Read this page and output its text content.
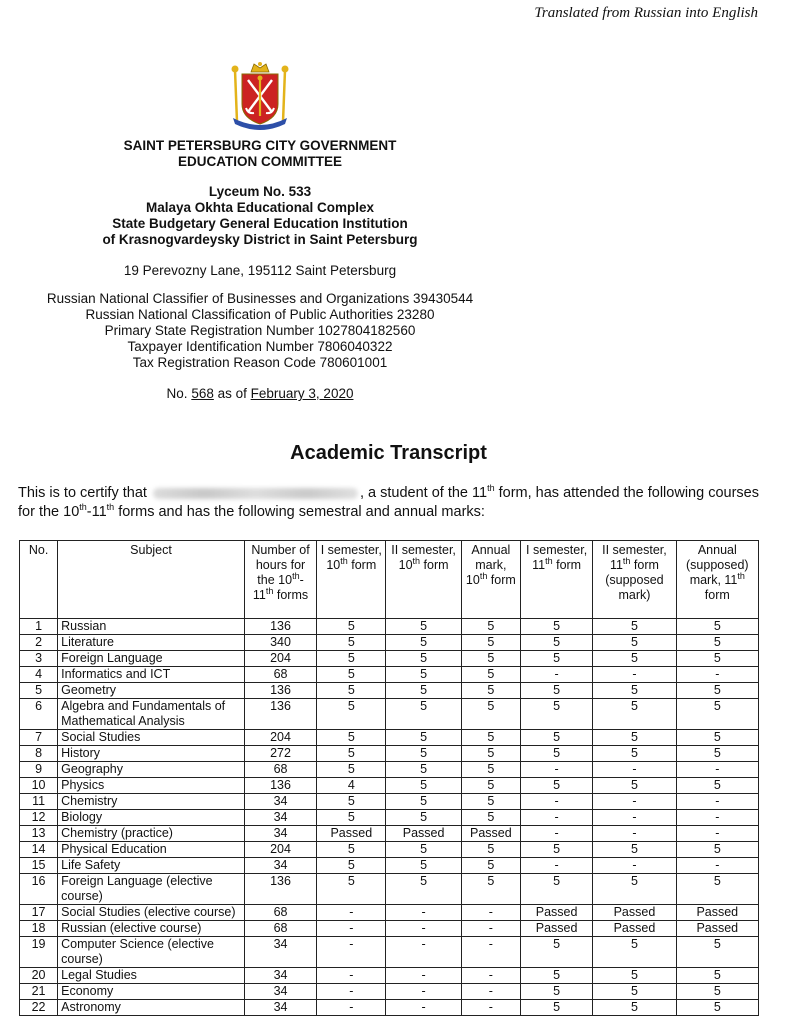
Translated from Russian into English
SAINT PETERSBURG CITY GOVERNMENT
EDUCATION COMMITTEE
Lyceum No. 533
Malaya Okhta Educational Complex
State Budgetary General Education Institution
of Krasnogvardeysky District in Saint Petersburg
19 Perevozny Lane, 195112 Saint Petersburg
Russian National Classifier of Businesses and Organizations 39430544
Russian National Classification of Public Authorities 23280
Primary State Registration Number 1027804182560
Taxpayer Identification Number 7806040322
Tax Registration Reason Code 780601001
No. 568 as of February 3, 2020
Academic Transcript
This is to certify that	, a student of the 11th form, has attended the following courses for the 10th-11th forms and has the following semestral and annual marks:
No.	Subject	Number of hours for the 10th-11th forms	I semester, 10th form	II semester, 10th form	Annual mark, 10th form	I semester, 11th form	II semester, 11th form (supposed mark)	Annual (supposed) mark, 11th form
1	Russian	136	5	5	5	5	5	5
2	Literature	340	5	5	5	5	5	5
3	Foreign Language	204	5	5	5	5	5	5
4	Informatics and ICT	68	5	5	5	-	-	-
5	Geometry	136	5	5	5	5	5	5
6	Algebra and Fundamentals of Mathematical Analysis	136	5	5	5	5	5	5
7	Social Studies	204	5	5	5	5	5	5
8	History	272	5	5	5	5	5	5
9	Geography	68	5	5	5	-	-	-
10	Physics	136	4	5	5	5	5	5
11	Chemistry	34	5	5	5	-	-	-
12	Biology	34	5	5	5	-	-	-
13	Chemistry (practice)	34	Passed	Passed	Passed	-	-	-
14	Physical Education	204	5	5	5	5	5	5
15	Life Safety	34	5	5	5	-	-	-
16	Foreign Language (elective course)	136	5	5	5	5	5	5
17	Social Studies (elective course)	68	-	-	-	Passed	Passed	Passed
18	Russian (elective course)	68	-	-	-	Passed	Passed	Passed
19	Computer Science (elective course)	34	-	-	-	5	5	5
20	Legal Studies	34	-	-	-	5	5	5
21	Economy	34	-	-	-	5	5	5
22	Astronomy	34	-	-	-	5	5	5
